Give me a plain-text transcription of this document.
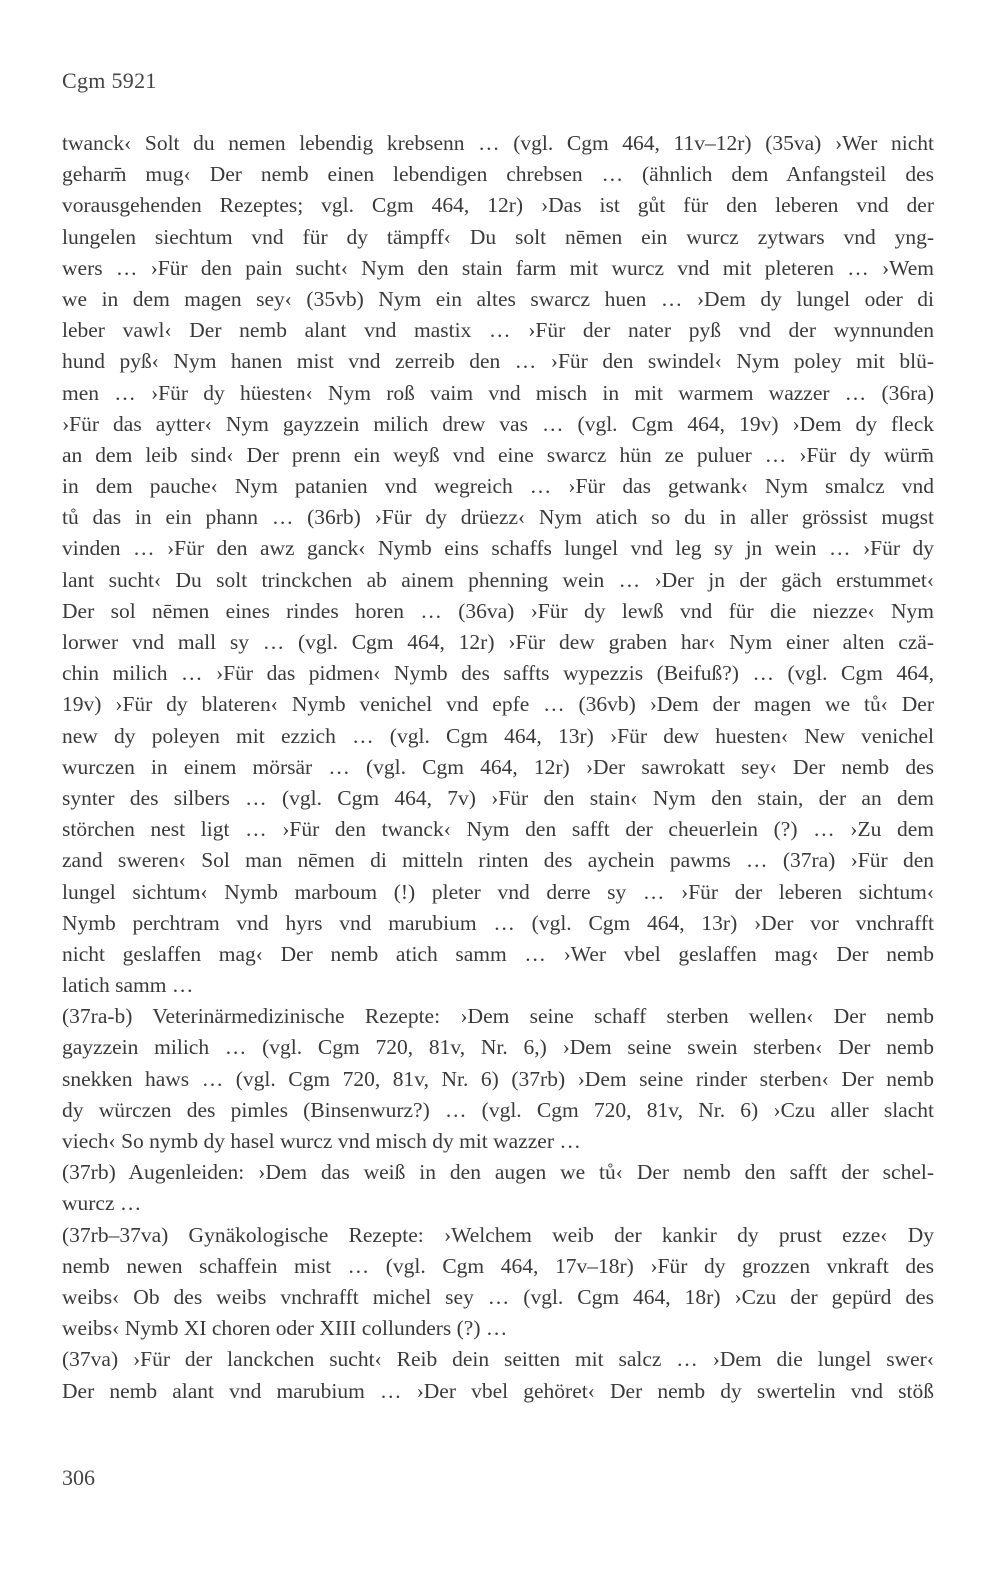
Cgm 5921
twanck‹ Solt du nemen lebendig krebsenn … (vgl. Cgm 464, 11v–12r) (35va) ›Wer nicht
geharm̄ mug‹ Der nemb einen lebendigen chrebsen … (ähnlich dem Anfangsteil des
vorausgehenden Rezeptes; vgl. Cgm 464, 12r) ›Das ist gůt für den leberen vnd der
lungelen siechtum vnd für dy tämpff‹ Du solt nēmen ein wurcz zytwars vnd yng-
wers … ›Für den pain sucht‹ Nym den stain farm mit wurcz vnd mit pleteren … ›Wem
we in dem magen sey‹ (35vb) Nym ein altes swarcz huen … ›Dem dy lungel oder di
leber vawl‹ Der nemb alant vnd mastix … ›Für der nater pyß vnd der wynnunden
hund pyß‹ Nym hanen mist vnd zerreib den … ›Für den swindel‹ Nym poley mit blü-
men … ›Für dy hüesten‹ Nym roß vaim vnd misch in mit warmem wazzer … (36ra)
›Für das aytter‹ Nym gayzzein milich drew vas … (vgl. Cgm 464, 19v) ›Dem dy fleck
an dem leib sind‹ Der prenn ein weyß vnd eine swarcz hün ze puluer … ›Für dy würm̄
in dem pauche‹ Nym patanien vnd wegreich … ›Für das getwank‹ Nym smalcz vnd
tů das in ein phann … (36rb) ›Für dy drüezz‹ Nym atich so du in aller grössist mugst
vinden … ›Für den awz ganck‹ Nymb eins schaffs lungel vnd leg sy jn wein … ›Für dy
lant sucht‹ Du solt trinckchen ab ainem phenning wein … ›Der jn der gäch erstummet‹
Der sol nēmen eines rindes horen … (36va) ›Für dy lewß vnd für die niezze‹ Nym
lorwer vnd mall sy … (vgl. Cgm 464, 12r) ›Für dew graben har‹ Nym einer alten czä-
chin milich … ›Für das pidmen‹ Nymb des saffts wypezzis (Beifuß?) … (vgl. Cgm 464,
19v) ›Für dy blateren‹ Nymb venichel vnd epfe … (36vb) ›Dem der magen we tů‹ Der
new dy poleyen mit ezzich … (vgl. Cgm 464, 13r) ›Für dew huesten‹ New venichel
wurczen in einem mörsär … (vgl. Cgm 464, 12r) ›Der sawrokatt sey‹ Der nemb des
synter des silbers … (vgl. Cgm 464, 7v) ›Für den stain‹ Nym den stain, der an dem
störchen nest ligt … ›Für den twanck‹ Nym den safft der cheuerlein (?) … ›Zu dem
zand sweren‹ Sol man nēmen di mitteln rinten des aychein pawms … (37ra) ›Für den
lungel sichtum‹ Nymb marboum (!) pleter vnd derre sy … ›Für der leberen sichtum‹
Nymb perchtram vnd hyrs vnd marubium … (vgl. Cgm 464, 13r) ›Der vor vnchrafft
nicht geslaffen mag‹ Der nemb atich samm … ›Wer vbel geslaffen mag‹ Der nemb
latich samm …
(37ra-b) Veterinärmedizinische Rezepte: ›Dem seine schaff sterben wellen‹ Der nemb
gayzzein milich … (vgl. Cgm 720, 81v, Nr. 6,) ›Dem seine swein sterben‹ Der nemb
snekken haws … (vgl. Cgm 720, 81v, Nr. 6) (37rb) ›Dem seine rinder sterben‹ Der nemb
dy würczen des pimles (Binsenwurz?) … (vgl. Cgm 720, 81v, Nr. 6) ›Czu aller slacht
viech‹ So nymb dy hasel wurcz vnd misch dy mit wazzer …
(37rb) Augenleiden: ›Dem das weiß in den augen we tů‹ Der nemb den safft der schel-
wurcz …
(37rb–37va) Gynäkologische Rezepte: ›Welchem weib der kankir dy prust ezze‹ Dy
nemb newen schaffein mist … (vgl. Cgm 464, 17v–18r) ›Für dy grozzen vnkraft des
weibs‹ Ob des weibs vnchrafft michel sey … (vgl. Cgm 464, 18r) ›Czu der gepürd des
weibs‹ Nymb XI choren oder XIII collunders (?) …
(37va) ›Für der lanckchen sucht‹ Reib dein seitten mit salcz … ›Dem die lungel swer‹
Der nemb alant vnd marubium … ›Der vbel gehöret‹ Der nemb dy swertelin vnd stöß
306
